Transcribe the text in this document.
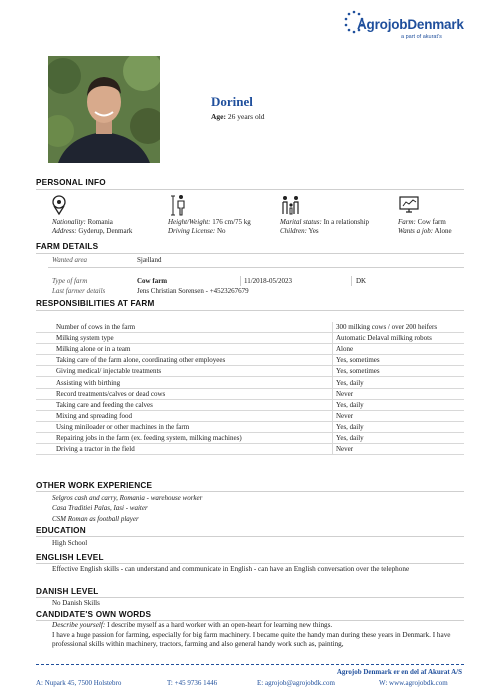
AgrojobDenmark
a part of akurat’s
Dorinel
Age: 26 years old
PERSONAL INFO
Nationality: Romania
Address: Gyderup, Denmark
Height/Weight: 176 cm/75 kg
Driving License: No
Marital status: In a relationship
Children: Yes
Farm: Cow farm
Wants a job: Alone
FARM DETAILS
Wanted area	Sjælland
Type of farm	Cow farm	11/2018-05/2023	DK
Last farmer details	Jens Christian Sorensen - +4523267679
RESPONSIBILITIES AT FARM
Number of cows in the farm	300 milking cows / over 200 heifers
Milking system type	Automatic Delaval milking robots
Milking alone or in a team	Alone
Taking care of the farm alone, coordinating other employees	Yes, sometimes
Giving medical/ injectable treatments	Yes, sometimes
Assisting with birthing	Yes, daily
Record treatments/calves or dead cows	Never
Taking care and feeding the calves	Yes, daily
Mixing and spreading food	Never
Using miniloader or other machines in the farm	Yes, daily
Repairing jobs in the farm (ex. feeding system, milking machines)	Yes, daily
Driving a tractor in the field	Never
OTHER WORK EXPERIENCE
Selgros cash and carry, Romania - warehouse worker
Casa Traditiei Palas, Iasi - waiter
CSM Roman as football player
EDUCATION
High School
ENGLISH LEVEL
Effective English skills - can understand and communicate in English - can have an English conversation over the telephone
DANISH LEVEL
No Danish Skills
CANDIDATE'S OWN WORDS
Describe yourself: I describe myself as a hard worker with an open-heart for learning new things.
I have a huge passion for farming, especially for big farm machinery. I became quite the handy man during these years in Denmark. I have professional skills within machinery, tractors, farming and also general handy work such as, painting,
Agrojob Denmark er en del af Akurat A/S
A: Nupark 45, 7500 Holstebro	T: +45 9736 1446	E: agrojob@agrojobdk.com	W: www.agrojobdk.com
